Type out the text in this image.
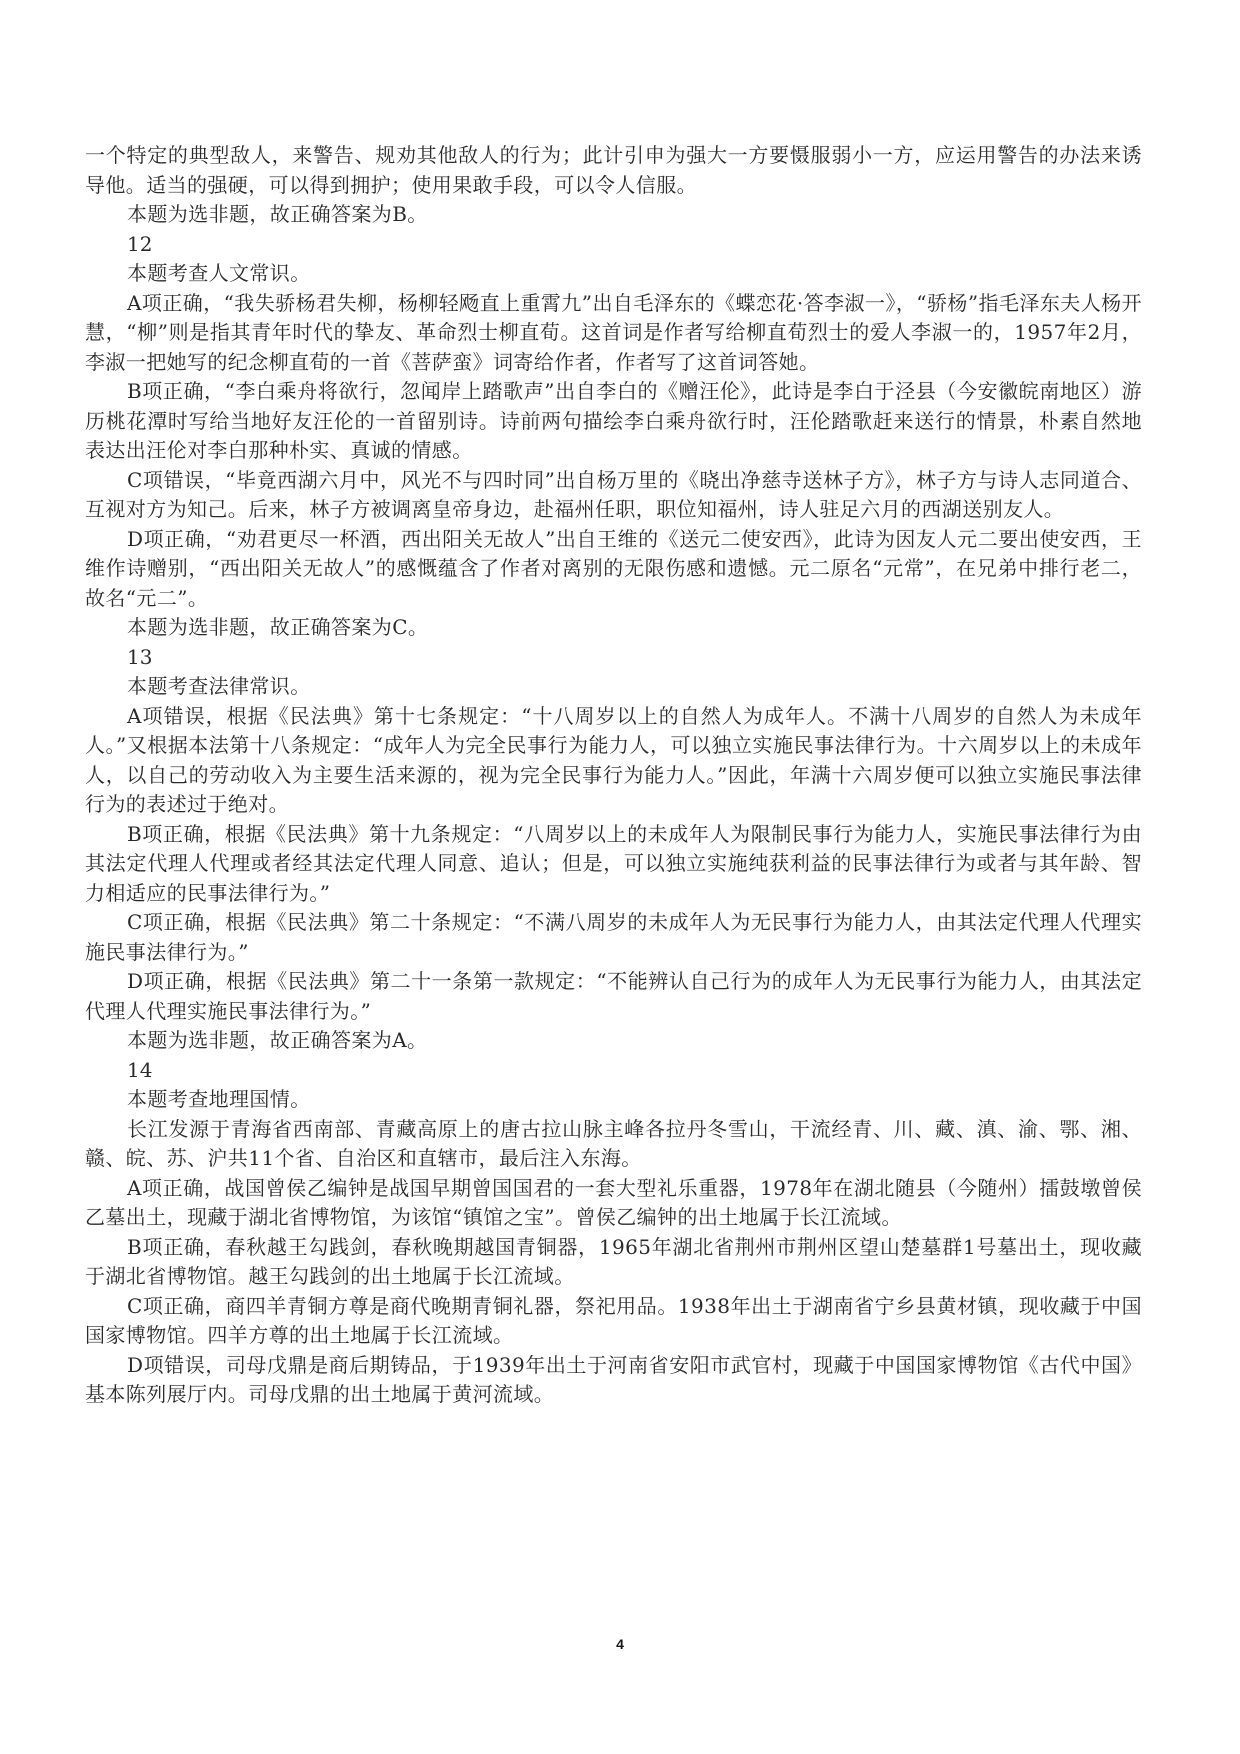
一个特定的典型敌人，来警告、规劝其他敌人的行为；此计引申为强大一方要慑服弱小一方，应运用警告的办法来诱导他。适当的强硬，可以得到拥护；使用果敢手段，可以令人信服。

本题为选非题，故正确答案为B。

12

本题考查人文常识。

A项正确，“我失骄杨君失柳，杨柳轻飏直上重霄九”出自毛泽东的《蝶恋花·答李淑一》，“骄杨”指毛泽东夫人杨开慧，“柳”则是指其青年时代的挚友、革命烈士柳直荀。这首词是作者写给柳直荀烈士的爱人李淑一的，1957年2月，李淑一把她写的纪念柳直荀的一首《菩萨蛮》词寄给作者，作者写了这首词答她。

B项正确，“李白乘舟将欲行，忽闻岸上踏歌声”出自李白的《赠汪伦》，此诗是李白于泾县（今安徽皖南地区）游历桃花潭时写给当地好友汪伦的一首留别诗。诗前两句描绘李白乘舟欲行时，汪伦踏歌赶来送行的情景，朴素自然地表达出汪伦对李白那种朴实、真诚的情感。

C项错误，“毕竟西湖六月中，风光不与四时同”出自杨万里的《晓出净慈寺送林子方》，林子方与诗人志同道合、互视对方为知己。后来，林子方被调离皇帝身边，赴福州任职，职位知福州，诗人驻足六月的西湖送别友人。

D项正确，“劝君更尽一杯酒，西出阳关无故人”出自王维的《送元二使安西》，此诗为因友人元二要出使安西，王维作诗赠别，“西出阳关无故人”的感慨蕴含了作者对离别的无限伤感和遗憾。元二原名“元常”，在兄弟中排行老二，故名“元二”。

本题为选非题，故正确答案为C。

13

本题考查法律常识。

A项错误，根据《民法典》第十七条规定：“十八周岁以上的自然人为成年人。不满十八周岁的自然人为未成年人。”又根据本法第十八条规定：“成年人为完全民事行为能力人，可以独立实施民事法律行为。十六周岁以上的未成年人，以自己的劳动收入为主要生活来源的，视为完全民事行为能力人。”因此，年满十六周岁便可以独立实施民事法律行为的表述过于绝对。

B项正确，根据《民法典》第十九条规定：“八周岁以上的未成年人为限制民事行为能力人，实施民事法律行为由其法定代理人代理或者经其法定代理人同意、追认；但是，可以独立实施纯获利益的民事法律行为或者与其年龄、智力相适应的民事法律行为。”

C项正确，根据《民法典》第二十条规定：“不满八周岁的未成年人为无民事行为能力人，由其法定代理人代理实施民事法律行为。”

D项正确，根据《民法典》第二十一条第一款规定：“不能辨认自己行为的成年人为无民事行为能力人，由其法定代理人代理实施民事法律行为。”

本题为选非题，故正确答案为A。

14

本题考查地理国情。

长江发源于青海省西南部、青藏高原上的唐古拉山脉主峰各拉丹冬雪山，干流经青、川、藏、滇、渝、鄂、湘、赣、皖、苏、沪共11个省、自治区和直辖市，最后注入东海。

A项正确，战国曾侯乙编钟是战国早期曾国国君的一套大型礼乐重器，1978年在湖北随县（今随州）擂鼓墩曾侯乙墓出土，现藏于湖北省博物馆，为该馆“镇馆之宝”。曾侯乙编钟的出土地属于长江流域。

B项正确，春秋越王勾践剑，春秋晚期越国青铜器，1965年湖北省荆州市荆州区望山楚墓群1号墓出土，现收藏于湖北省博物馆。越王勾践剑的出土地属于长江流域。

C项正确，商四羊青铜方尊是商代晚期青铜礼器，祭祀用品。1938年出土于湖南省宁乡县黄材镇，现收藏于中国国家博物馆。四羊方尊的出土地属于长江流域。

D项错误，司母戊鼎是商后期铸品，于1939年出土于河南省安阳市武官村，现藏于中国国家博物馆《古代中国》基本陈列展厅内。司母戊鼎的出土地属于黄河流域。

4
